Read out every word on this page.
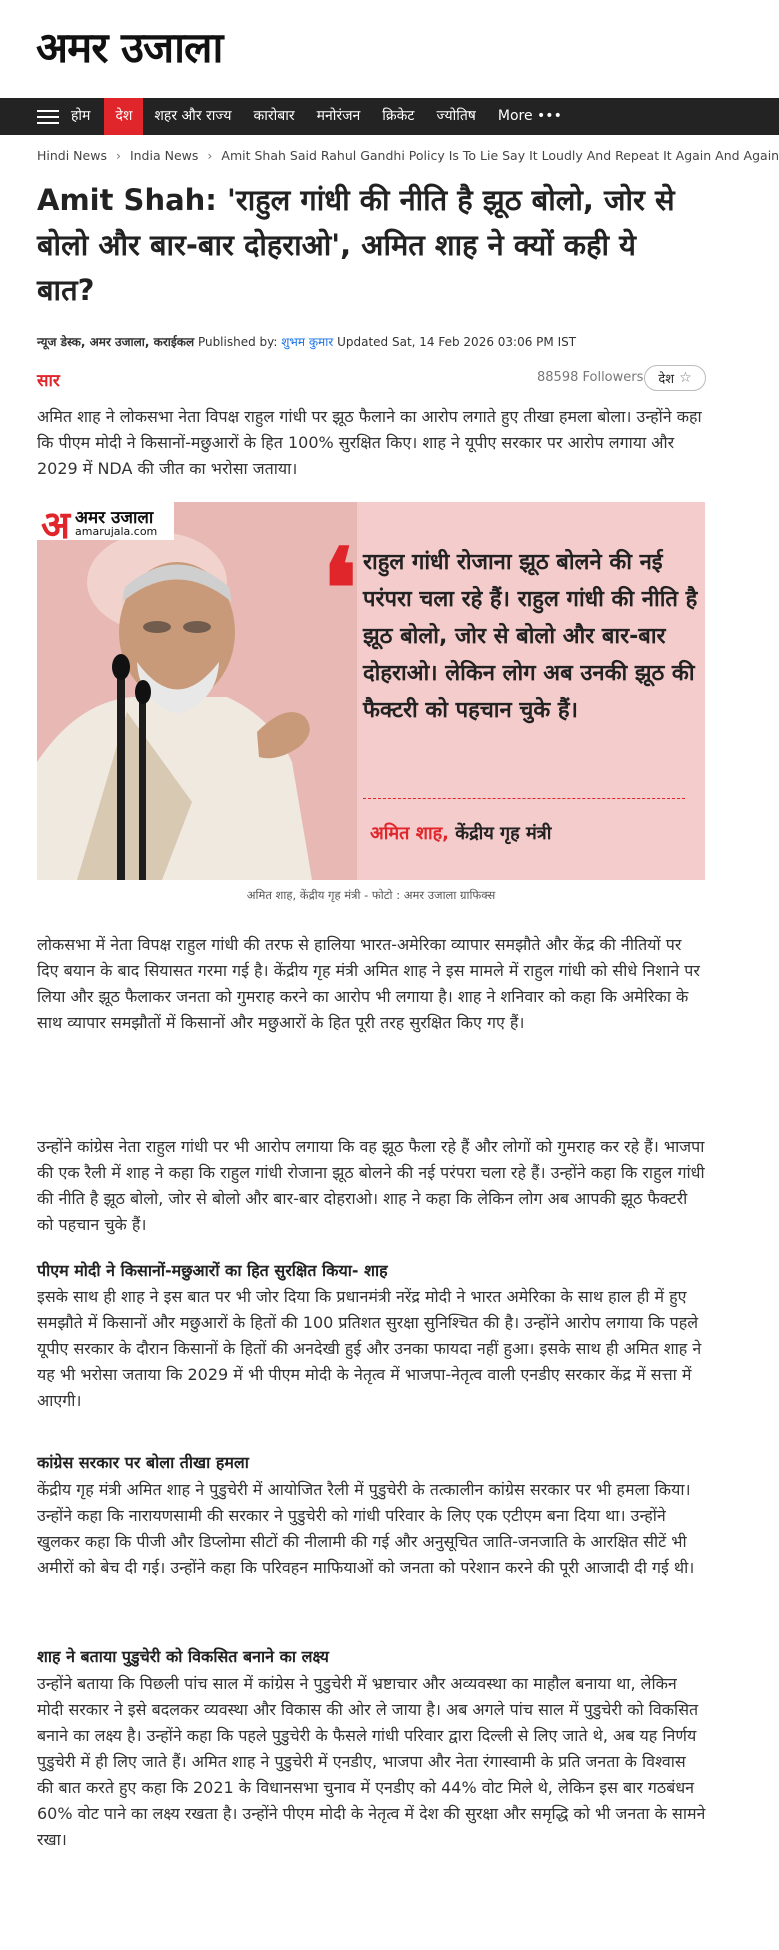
अमर उजाला
होम	देश	शहर और राज्य	कारोबार	मनोरंजन	क्रिकेट	ज्योतिष	More •••
Hindi News › India News › Amit Shah Said Rahul Gandhi Policy Is To Lie Say It Loudly And Repeat It Again And Again
Amit Shah: 'राहुल गांधी की नीति है झूठ बोलो, जोर से बोलो और बार-बार दोहराओ', अमित शाह ने क्यों कही ये बात?
न्यूज डेस्क, अमर उजाला, कराईकल Published by: शुभम कुमार Updated Sat, 14 Feb 2026 03:06 PM IST
सार	88598 Followers देश ☆

अमित शाह ने लोकसभा नेता विपक्ष राहुल गांधी पर झूठ फैलाने का आरोप लगाते हुए तीखा हमला बोला। उन्होंने कहा कि पीएम मोदी ने किसानों-मछुआरों के हित 100% सुरक्षित किए। शाह ने यूपीए सरकार पर आरोप लगाया और 2029 में NDA की जीत का भरोसा जताया।

अ अमर उजाला
amarujala.com ❛ राहुल गांधी रोजाना झूठ बोलने की नई परंपरा चला रहे हैं। राहुल गांधी की नीति है झूठ बोलो, जोर से बोलो और बार-बार दोहराओ। लेकिन लोग अब उनकी झूठ की फैक्टरी को पहचान चुके हैं।
अमित शाह, केंद्रीय गृह मंत्री
अमित शाह, केंद्रीय गृह मंत्री - फोटो : अमर उजाला ग्राफिक्स

लोकसभा में नेता विपक्ष राहुल गांधी की तरफ से हालिया भारत-अमेरिका व्यापार समझौते और केंद्र की नीतियों पर दिए बयान के बाद सियासत गरमा गई है। केंद्रीय गृह मंत्री अमित शाह ने इस मामले में राहुल गांधी को सीधे निशाने पर लिया और झूठ फैलाकर जनता को गुमराह करने का आरोप भी लगाया है। शाह ने शनिवार को कहा कि अमेरिका के साथ व्यापार समझौतों में किसानों और मछुआरों के हित पूरी तरह सुरक्षित किए गए हैं।

उन्होंने कांग्रेस नेता राहुल गांधी पर भी आरोप लगाया कि वह झूठ फैला रहे हैं और लोगों को गुमराह कर रहे हैं। भाजपा की एक रैली में शाह ने कहा कि राहुल गांधी रोजाना झूठ बोलने की नई परंपरा चला रहे हैं। उन्होंने कहा कि राहुल गांधी की नीति है झूठ बोलो, जोर से बोलो और बार-बार दोहराओ। शाह ने कहा कि लेकिन लोग अब आपकी झूठ फैक्टरी को पहचान चुके हैं।

पीएम मोदी ने किसानों-मछुआरों का हित सुरक्षित किया- शाह

इसके साथ ही शाह ने इस बात पर भी जोर दिया कि प्रधानमंत्री नरेंद्र मोदी ने भारत अमेरिका के साथ हाल ही में हुए समझौते में किसानों और मछुआरों के हितों की 100 प्रतिशत सुरक्षा सुनिश्चित की है। उन्होंने आरोप लगाया कि पहले यूपीए सरकार के दौरान किसानों के हितों की अनदेखी हुई और उनका फायदा नहीं हुआ। इसके साथ ही अमित शाह ने यह भी भरोसा जताया कि 2029 में भी पीएम मोदी के नेतृत्व में भाजपा-नेतृत्व वाली एनडीए सरकार केंद्र में सत्ता में आएगी।

कांग्रेस सरकार पर बोला तीखा हमला

केंद्रीय गृह मंत्री अमित शाह ने पुडुचेरी में आयोजित रैली में पुडुचेरी के तत्कालीन कांग्रेस सरकार पर भी हमला किया। उन्होंने कहा कि नारायणसामी की सरकार ने पुडुचेरी को गांधी परिवार के लिए एक एटीएम बना दिया था। उन्होंने खुलकर कहा कि पीजी और डिप्लोमा सीटों की नीलामी की गई और अनुसूचित जाति-जनजाति के आरक्षित सीटें भी अमीरों को बेच दी गई। उन्होंने कहा कि परिवहन माफियाओं को जनता को परेशान करने की पूरी आजादी दी गई थी।

शाह ने बताया पुडुचेरी को विकसित बनाने का लक्ष्य

उन्होंने बताया कि पिछली पांच साल में कांग्रेस ने पुडुचेरी में भ्रष्टाचार और अव्यवस्था का माहौल बनाया था, लेकिन मोदी सरकार ने इसे बदलकर व्यवस्था और विकास की ओर ले जाया है। अब अगले पांच साल में पुडुचेरी को विकसित बनाने का लक्ष्य है। उन्होंने कहा कि पहले पुडुचेरी के फैसले गांधी परिवार द्वारा दिल्ली से लिए जाते थे, अब यह निर्णय पुडुचेरी में ही लिए जाते हैं। अमित शाह ने पुडुचेरी में एनडीए, भाजपा और नेता रंगास्वामी के प्रति जनता के विश्वास की बात करते हुए कहा कि 2021 के विधानसभा चुनाव में एनडीए को 44% वोट मिले थे, लेकिन इस बार गठबंधन 60% वोट पाने का लक्ष्य रखता है। उन्होंने पीएम मोदी के नेतृत्व में देश की सुरक्षा और समृद्धि को भी जनता के सामने रखा।
